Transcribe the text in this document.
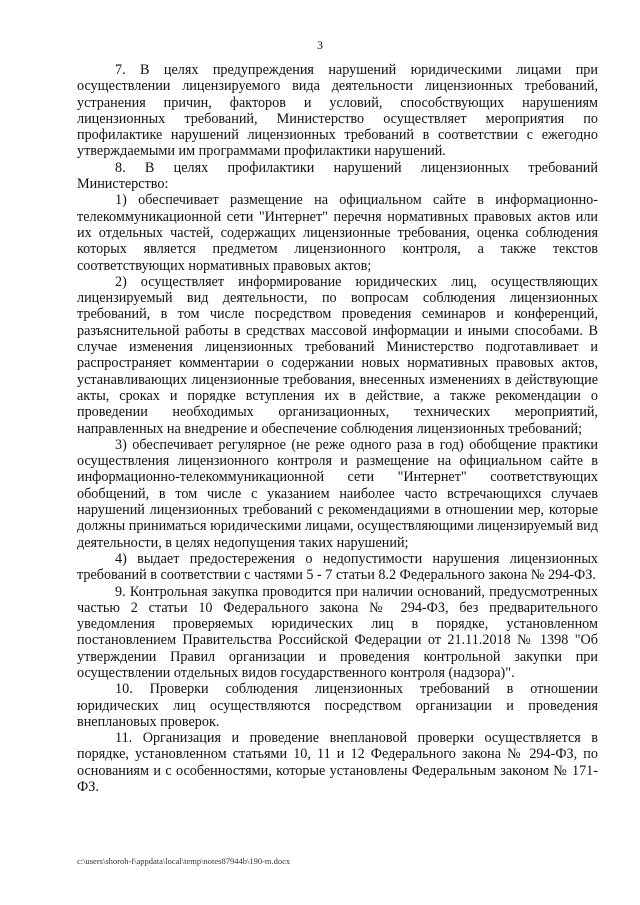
3

7. В целях предупреждения нарушений юридическими лицами при осуществлении лицензируемого вида деятельности лицензионных требований, устранения причин, факторов и условий, способствующих нарушениям лицензионных требований, Министерство осуществляет мероприятия по профилактике нарушений лицензионных требований в соответствии с ежегодно утверждаемыми им программами профилактики нарушений.

8. В целях профилактики нарушений лицензионных требований Министерство:

1) обеспечивает размещение на официальном сайте в информационно-телекоммуникационной сети "Интернет" перечня нормативных правовых актов или их отдельных частей, содержащих лицензионные требования, оценка соблюдения которых является предметом лицензионного контроля, а также текстов соответствующих нормативных правовых актов;

2) осуществляет информирование юридических лиц, осуществляющих лицензируемый вид деятельности, по вопросам соблюдения лицензионных требований, в том числе посредством проведения семинаров и конференций, разъяснительной работы в средствах массовой информации и иными способами. В случае изменения лицензионных требований Министерство подготавливает и распространяет комментарии о содержании новых нормативных правовых актов, устанавливающих лицензионные требования, внесенных изменениях в действующие акты, сроках и порядке вступления их в действие, а также рекомендации о проведении необходимых организационных, технических мероприятий, направленных на внедрение и обеспечение соблюдения лицензионных требований;

3) обеспечивает регулярное (не реже одного раза в год) обобщение практики осуществления лицензионного контроля и размещение на официальном сайте в информационно-телекоммуникационной сети "Интернет" соответствующих обобщений, в том числе с указанием наиболее часто встречающихся случаев нарушений лицензионных требований с рекомендациями в отношении мер, которые должны приниматься юридическими лицами, осуществляющими лицензируемый вид деятельности, в целях недопущения таких нарушений;

4) выдает предостережения о недопустимости нарушения лицензионных требований в соответствии с частями 5 - 7 статьи 8.2 Федерального закона № 294-ФЗ.

9. Контрольная закупка проводится при наличии оснований, предусмотренных частью 2 статьи 10 Федерального закона № 294-ФЗ, без предварительного уведомления проверяемых юридических лиц в порядке, установленном постановлением Правительства Российской Федерации от 21.11.2018 № 1398 "Об утверждении Правил организации и проведения контрольной закупки при осуществлении отдельных видов государственного контроля (надзора)".

10. Проверки соблюдения лицензионных требований в отношении юридических лиц осуществляются посредством организации и проведения внеплановых проверок.

11. Организация и проведение внеплановой проверки осуществляется в порядке, установленном статьями 10, 11 и 12 Федерального закона № 294-ФЗ, по основаниям и с особенностями, которые установлены Федеральным законом № 171-ФЗ.

c:\users\shoroh-f\appdata\local\temp\notes87944b\190-m.docx
